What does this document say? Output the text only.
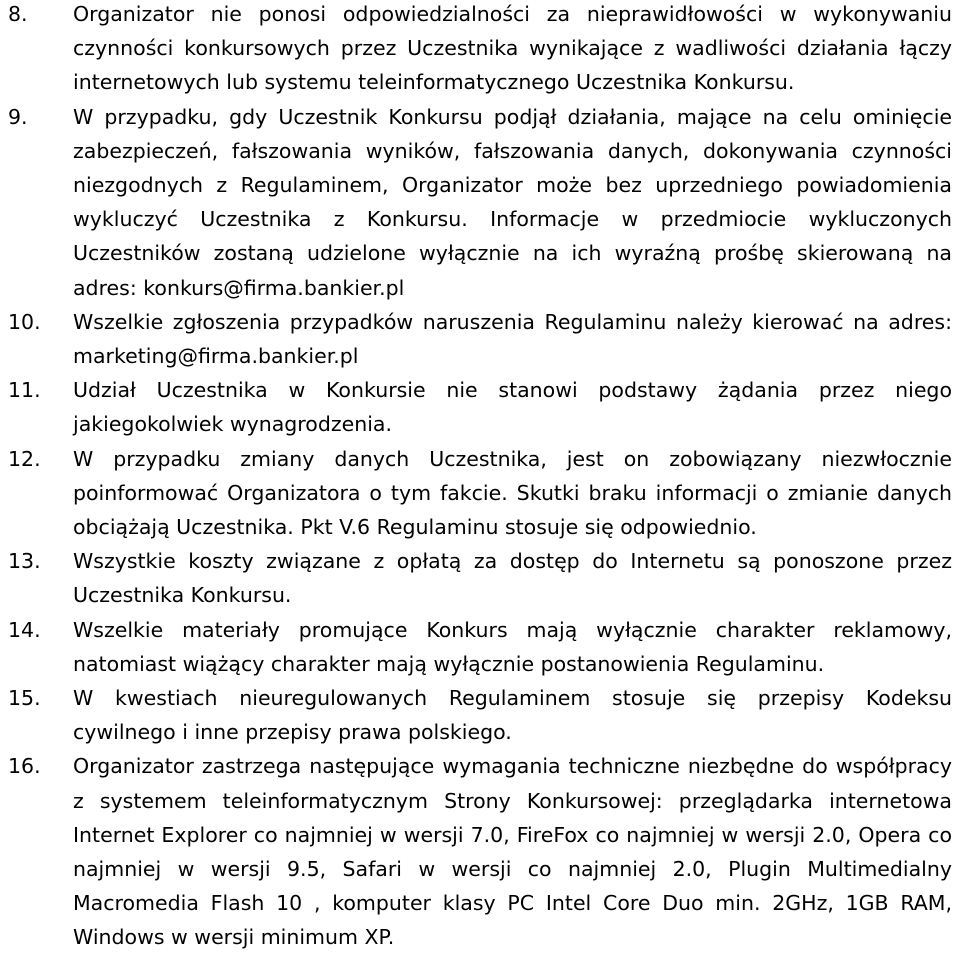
8.	Organizator nie ponosi odpowiedzialności za nieprawidłowości w wykonywaniu czynności konkursowych przez Uczestnika wynikające z wadliwości działania łączy internetowych lub systemu teleinformatycznego Uczestnika Konkursu.
9.	W przypadku, gdy Uczestnik Konkursu podjął działania, mające na celu ominięcie zabezpieczeń, fałszowania wyników, fałszowania danych, dokonywania czynności niezgodnych z Regulaminem, Organizator może bez uprzedniego powiadomienia wykluczyć Uczestnika z Konkursu. Informacje w przedmiocie wykluczonych Uczestników zostaną udzielone wyłącznie na ich wyraźną prośbę skierowaną na adres: konkurs@firma.bankier.pl
10.	Wszelkie zgłoszenia przypadków naruszenia Regulaminu należy kierować na adres: marketing@firma.bankier.pl
11.	Udział Uczestnika w Konkursie nie stanowi podstawy żądania przez niego jakiegokolwiek wynagrodzenia.
12.	W przypadku zmiany danych Uczestnika, jest on zobowiązany niezwłocznie poinformować Organizatora o tym fakcie. Skutki braku informacji o zmianie danych obciążają Uczestnika. Pkt V.6 Regulaminu stosuje się odpowiednio.
13.	Wszystkie koszty związane z opłatą za dostęp do Internetu są ponoszone przez Uczestnika Konkursu.
14.	Wszelkie materiały promujące Konkurs mają wyłącznie charakter reklamowy, natomiast wiążący charakter mają wyłącznie postanowienia Regulaminu.
15.	W kwestiach nieuregulowanych Regulaminem stosuje się przepisy Kodeksu cywilnego i inne przepisy prawa polskiego.
16.	Organizator zastrzega następujące wymagania techniczne niezbędne do współpracy z systemem teleinformatycznym Strony Konkursowej: przeglądarka internetowa Internet Explorer co najmniej w wersji 7.0, FireFox co najmniej w wersji 2.0, Opera co najmniej w wersji 9.5, Safari w wersji co najmniej 2.0, Plugin Multimedialny Macromedia Flash 10 , komputer klasy PC Intel Core Duo min. 2GHz, 1GB RAM, Windows w wersji minimum XP.
